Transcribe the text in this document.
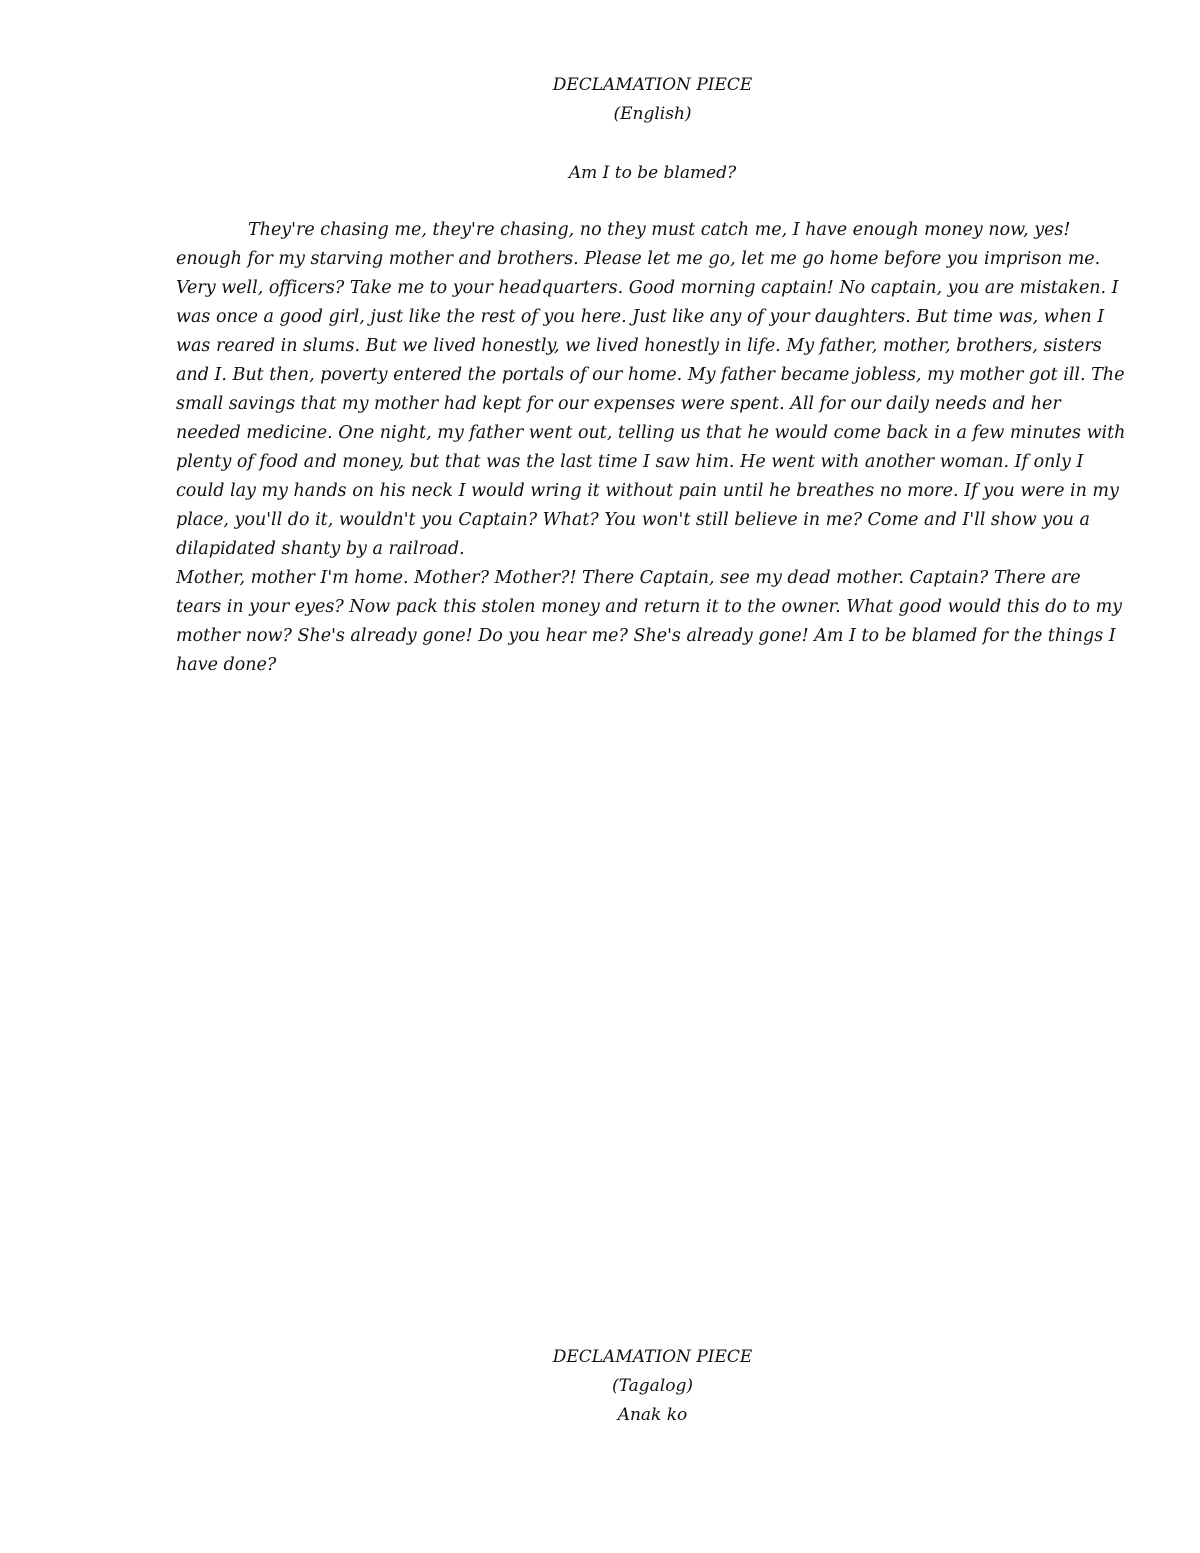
DECLAMATION PIECE
(English)
Am I to be blamed?

They're chasing me, they're chasing, no they must catch me, I have enough money now, yes! enough for my starving mother and brothers. Please let me go, let me go home before you imprison me. Very well, officers? Take me to your headquarters. Good morning captain! No captain, you are mistaken. I was once a good girl, just like the rest of you here. Just like any of your daughters. But time was, when I was reared in slums. But we lived honestly, we lived honestly in life. My father, mother, brothers, sisters and I. But then, poverty entered the portals of our home. My father became jobless, my mother got ill. The small savings that my mother had kept for our expenses were spent. All for our daily needs and her needed medicine. One night, my father went out, telling us that he would come back in a few minutes with plenty of food and money, but that was the last time I saw him. He went with another woman. If only I could lay my hands on his neck I would wring it without pain until he breathes no more. If you were in my place, you'll do it, wouldn't you Captain? What? You won't still believe in me? Come and I'll show you a dilapidated shanty by a railroad.

Mother, mother I'm home. Mother? Mother?! There Captain, see my dead mother. Captain? There are tears in your eyes? Now pack this stolen money and return it to the owner. What good would this do to my mother now? She's already gone! Do you hear me? She's already gone! Am I to be blamed for the things I have done?

DECLAMATION PIECE
(Tagalog)
Anak ko
